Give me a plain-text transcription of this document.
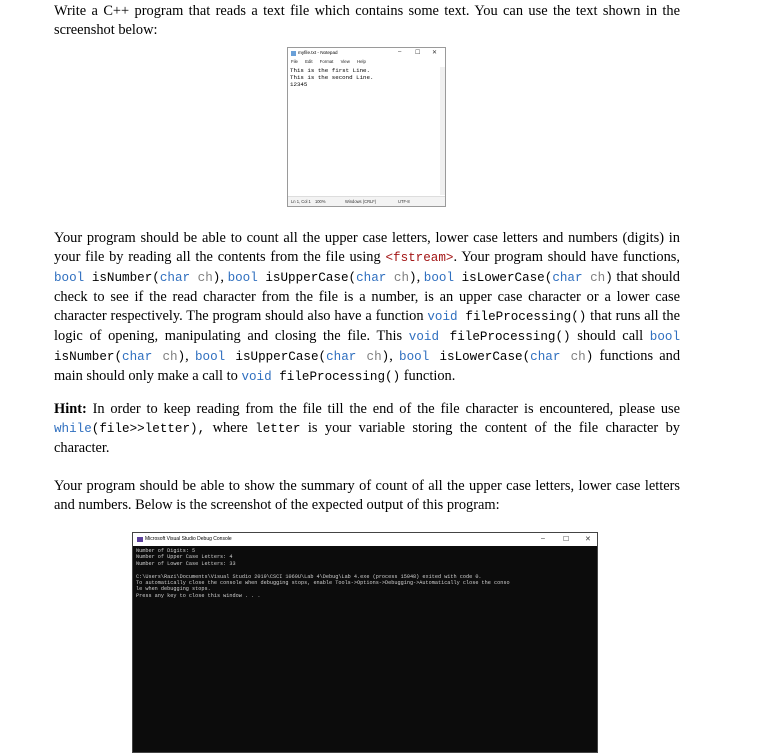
Write a C++ program that reads a text file which contains some text. You can use the text shown in the screenshot below:

myfile.txt - Notepad	– ☐ ✕
File Edit Format View Help
This is the first Line.
This is the second Line.
12345
Ln 1, Col 1 100%	Windows (CRLF)	UTF-8

Your program should be able to count all the upper case letters, lower case letters and numbers (digits) in your file by reading all the contents from the file using <fstream>. Your program should have functions, bool isNumber(char ch), bool isUpperCase(char ch), bool isLowerCase(char ch) that should check to see if the read character from the file is a number, is an upper case character or a lower case character respectively. The program should also have a function void fileProcessing() that runs all the logic of opening, manipulating and closing the file. This void fileProcessing() should call bool isNumber(char ch), bool isUpperCase(char ch), bool isLowerCase(char ch) functions and main should only make a call to void fileProcessing() function.

Hint: In order to keep reading from the file till the end of the file character is encountered, please use while(file>>letter), where letter is your variable storing the content of the file character by character.

Your program should be able to show the summary of count of all the upper case letters, lower case letters and numbers. Below is the screenshot of the expected output of this program:

Microsoft Visual Studio Debug Console	–	☐ ✕
Number of Digits: 5
Number of Upper Case Letters: 4
Number of Lower Case Letters: 33
C:\Users\Razi\Documents\Visual Studio 2019\CSCI 1060U\Lab 4\Debug\Lab 4.exe (process 15048) exited with code 0.
To automatically close the console when debugging stops, enable Tools->Options->Debugging->Automatically close the conso
le when debugging stops.
Press any key to close this window . . .
